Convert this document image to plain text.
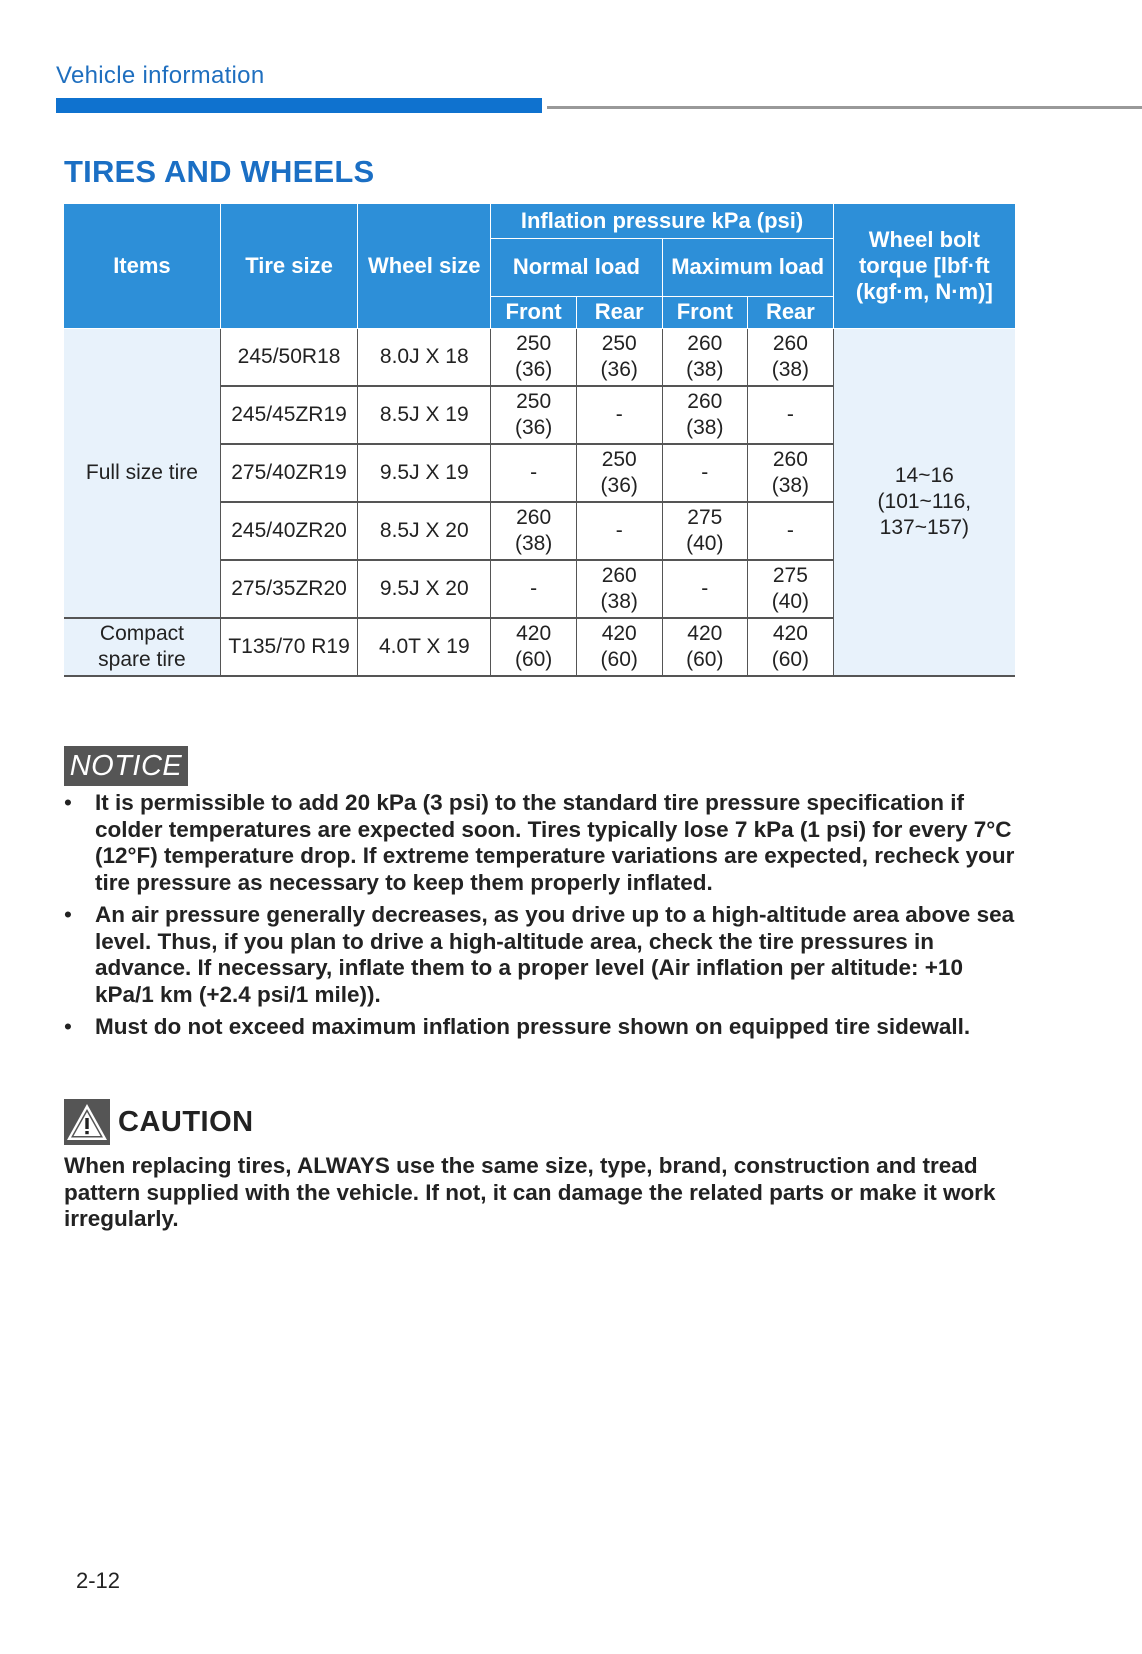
Vehicle information
TIRES AND WHEELS
Items	Tire size	Wheel size	Inflation pressure kPa (psi)				Wheel bolt torque [lbf·ft (kgf·m, N·m)]
			Normal load		Maximum load		
			Front	Rear	Front	Rear	
Full size tire	245/50R18	8.0J X 18	250 (36)	250 (36)	260 (38)	260 (38)	14~16 (101~116, 137~157)
	245/45ZR19	8.5J X 19	250 (36)	-	260 (38)	-	
	275/40ZR19	9.5J X 19	-	250 (36)	-	260 (38)	
	245/40ZR20	8.5J X 20	260 (38)	-	275 (40)	-	
	275/35ZR20	9.5J X 20	-	260 (38)	-	275 (40)	
Compact spare tire	T135/70 R19	4.0T X 19	420 (60)	420 (60)	420 (60)	420 (60)	
NOTICE
• It is permissible to add 20 kPa (3 psi) to the standard tire pressure specification if colder temperatures are expected soon. Tires typically lose 7 kPa (1 psi) for every 7°C (12°F) temperature drop. If extreme temperature variations are expected, recheck your tire pressure as necessary to keep them properly inflated.
• An air pressure generally decreases, as you drive up to a high-altitude area above sea level. Thus, if you plan to drive a high-altitude area, check the tire pressures in advance. If necessary, inflate them to a proper level (Air inflation per altitude: +10 kPa/1 km (+2.4 psi/1 mile)).
• Must do not exceed maximum inflation pressure shown on equipped tire sidewall.
CAUTION

When replacing tires, ALWAYS use the same size, type, brand, construction and tread pattern supplied with the vehicle. If not, it can damage the related parts or make it work irregularly.

2-12
